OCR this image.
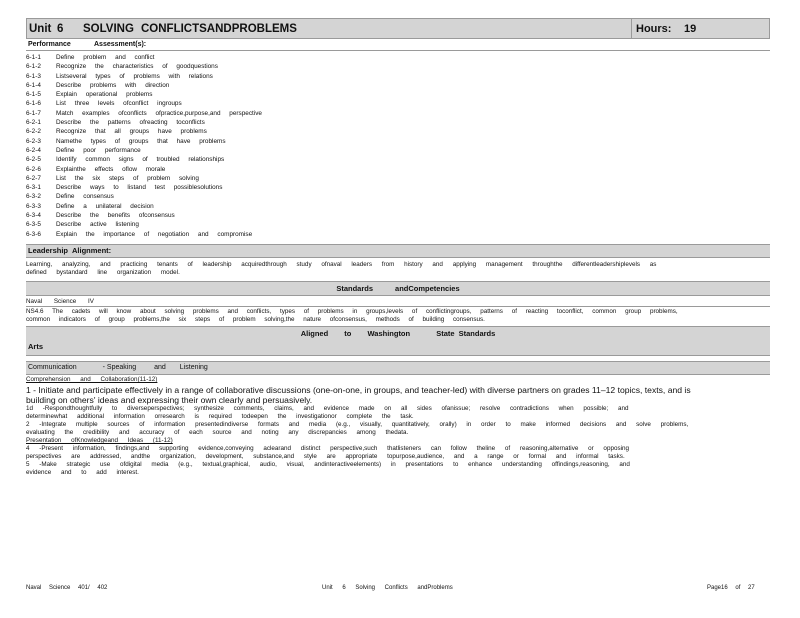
Unit 6	SOLVING CONFLICTSANDPROBLEMS	Hours:	19
Performance	Assessment(s):
6-1-1	Define problem and conflict
6-1-2	Recognize the characteristics of goodquestions
6-1-3	Listseveral types of problems with relations
6-1-4	Describe problems with direction
6-1-5	Explain operational problems
6-1-6	List three levels ofconflict ingroups
6-1-7	Match examples ofconflicts ofpractice,purpose,and perspective
6-2-1	Describe the patterns ofreacting toconflicts
6-2-2	Recognize that all groups have problems
6-2-3	Namethe types of groups that have problems
6-2-4	Define poor performance
6-2-5	Identify common signs of troubled relationships
6-2-6	Explainthe effects oflow morale
6-2-7	List the six steps of problem solving
6-3-1	Describe ways to listand test possiblesolutions
6-3-2	Define consensus
6-3-3	Define a unilateral decision
6-3-4	Describe the benefits ofconsensus
6-3-5	Describe active listening
6-3-6	Explain the importance of negotiation and compromise
Leadership Alignment:
Learning, analyzing, and practicing tenants of leadership acquiredthrough study ofnaval leaders from history and applying management throughthe differentleadershiplevels as
defined bystandard line organization model.
Standards	andCompetencies
Naval Science IV
NS4.6 The cadets will know about solving problems and conflicts, types of problems in groups,levels of conflictingroups, patterns of reacting toconflict, common group problems,
common indicators of group problems,the six steps of problem solving,the nature ofconsensus, methods of building consensus.
Aligned to Washington	State Standards
Arts
Communication	- Speaking	and Listening
Comprehension and Collaboration(11-12)
1 - Initiate and participate effectively in a range of collaborative discussions (one-on-one, in groups, and teacher-led) with diverse partners on grades 11–12 topics, texts, and is
building on others' ideas and expressing their own clearly and persuasively.
1d -Respondthoughtfully to diverseperspectives; synthesize comments, claims, and evidence made on all sides ofanissue; resolve contradictions when possible; and
determinewhat additional information orresearch is required todeepen the investigationor complete the task.
2 -Integrate multiple sources of information presentedindiverse formats and media (e.g., visually, quantitatively, orally) in order to make informed decisions and solve problems,
evaluating the credibility and accuracy of each source and noting any discrepancies among thedata.
Presentation ofKnowledgeand Ideas (11-12)
4 -Present information, findings,and supporting evidence,conveying aclearand distinct perspective,such thatlisteners can follow theline of reasoning,alternative or opposing
perspectives are addressed, andthe organization, development, substance,and style are appropriate topurpose,audience, and a range or formal and informal tasks.
5 -Make strategic use ofdigital media (e.g., textual,graphical, audio, visual, andinteractiveelements) in presentations to enhance understanding offindings,reasoning, and
evidence and to add interest.
Naval Science 401/ 402	Unit 6 Solving Conflicts andProblems	Page16 of 27
